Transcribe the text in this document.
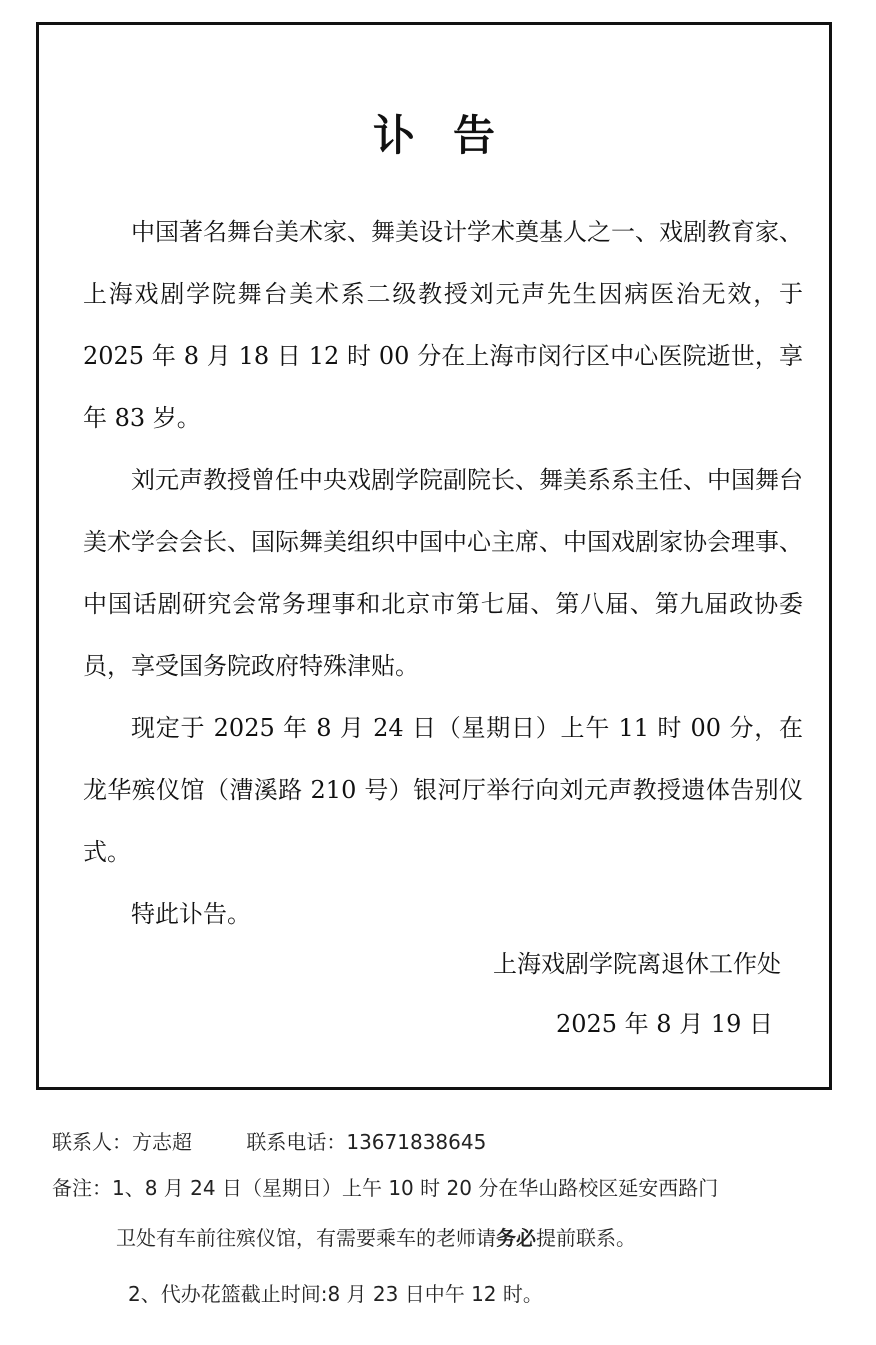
讣告

中国著名舞台美术家、舞美设计学术奠基人之一、戏剧教育家、上海戏剧学院舞台美术系二级教授刘元声先生因病医治无效，于 2025 年 8 月 18 日 12 时 00 分在上海市闵行区中心医院逝世，享年 83 岁。

刘元声教授曾任中央戏剧学院副院长、舞美系系主任、中国舞台美术学会会长、国际舞美组织中国中心主席、中国戏剧家协会理事、中国话剧研究会常务理事和北京市第七届、第八届、第九届政协委员，享受国务院政府特殊津贴。

现定于 2025 年 8 月 24 日（星期日）上午 11 时 00 分，在龙华殡仪馆（漕溪路 210 号）银河厅举行向刘元声教授遗体告别仪式。

特此讣告。

上海戏剧学院离退休工作处
2025 年 8 月 19 日
联系人：方志超	联系电话：13671838645
备注：1、8 月 24 日（星期日）上午 10 时 20 分在华山路校区延安西路门
卫处有车前往殡仪馆，有需要乘车的老师请务必提前联系。
2、代办花篮截止时间:8 月 23 日中午 12 时。
